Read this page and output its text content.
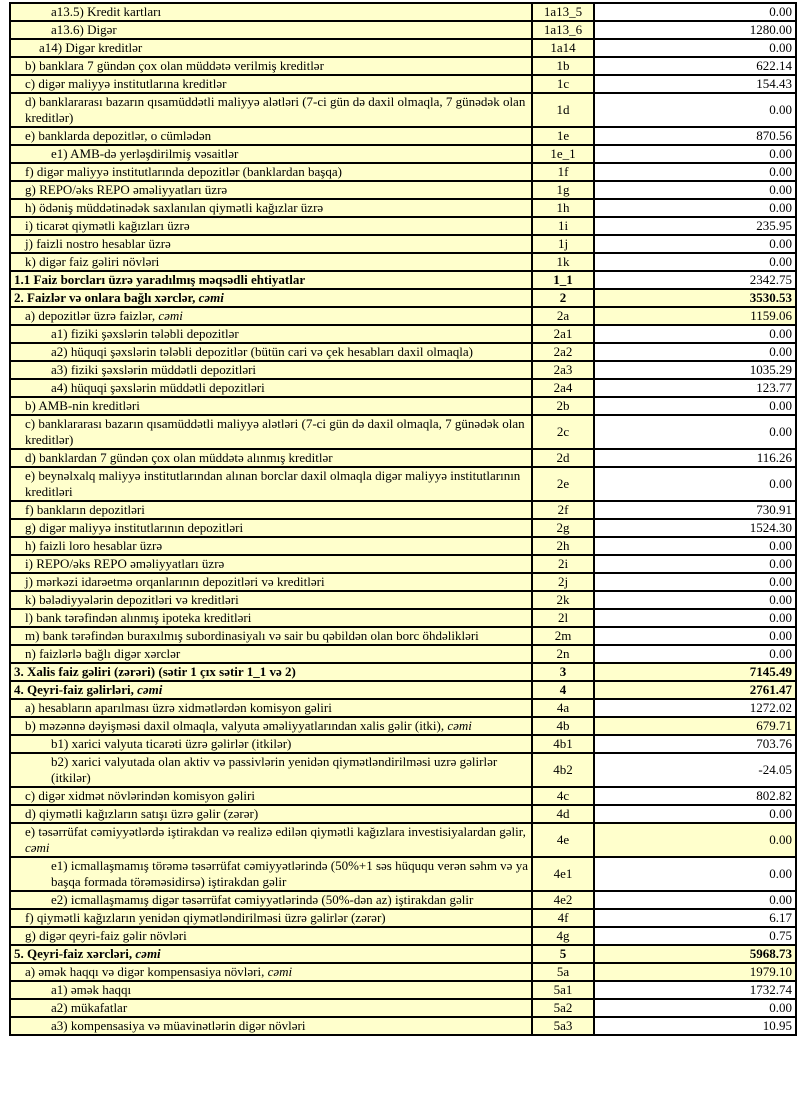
a13.5) Kredit kartları	1a13_5	0.00
a13.6) Digər	1a13_6	1280.00
a14) Digər kreditlər	1a14	0.00
b) banklara 7 gündən çox olan müddətə verilmiş kreditlər	1b	622.14
c) digər maliyyə institutlarına kreditlər	1c	154.43
d) banklararası bazarın qısamüddətli maliyyə alətləri (7-ci gün də daxil olmaqla, 7 günədək olan kreditlər)	1d	0.00
e) banklarda depozitlər, o cümlədən	1e	870.56
e1) AMB-də yerləşdirilmiş vəsaitlər	1e_1	0.00
f) digər maliyyə institutlarında depozitlər (banklardan başqa)	1f	0.00
g) REPO/əks REPO əməliyyatları üzrə	1g	0.00
h) ödəniş müddətinədək saxlanılan qiymətli kağızlar üzrə	1h	0.00
i) ticarət qiymətli kağızları üzrə	1i	235.95
j) faizli nostro hesablar üzrə	1j	0.00
k) digər faiz gəliri növləri	1k	0.00
1.1 Faiz borcları üzrə yaradılmış məqsədli ehtiyatlar	1_1	2342.75
2. Faizlər və onlara bağlı xərclər, cəmi	2	3530.53
a) depozitlər üzrə faizlər, cəmi	2a	1159.06
a1) fiziki şəxslərin tələbli depozitlər	2a1	0.00
a2) hüquqi şəxslərin tələbli depozitlər (bütün cari və çek hesabları daxil olmaqla)	2a2	0.00
a3) fiziki şəxslərin müddətli depozitləri	2a3	1035.29
a4) hüquqi şəxslərin müddətli depozitləri	2a4	123.77
b) AMB-nin kreditləri	2b	0.00
c) banklararası bazarın qısamüddətli maliyyə alətləri (7-ci gün də daxil olmaqla, 7 günədək olan kreditlər)	2c	0.00
d) banklardan 7 gündən çox olan müddətə alınmış kreditlər	2d	116.26
e) beynəlxalq maliyyə institutlarından alınan borclar daxil olmaqla digər maliyyə institutlarının kreditləri	2e	0.00
f) bankların depozitləri	2f	730.91
g) digər maliyyə institutlarının depozitləri	2g	1524.30
h) faizli loro hesablar üzrə	2h	0.00
i) REPO/əks REPO əməliyyatları üzrə	2i	0.00
j) mərkəzi idarəetmə orqanlarının depozitləri və kreditləri	2j	0.00
k) bələdiyyələrin depozitləri və kreditləri	2k	0.00
l) bank tərəfindən alınmış ipoteka kreditləri	2l	0.00
m) bank tərəfindən buraxılmış subordinasiyalı və sair bu qəbildən olan borc öhdəlikləri	2m	0.00
n) faizlərlə bağlı digər xərclər	2n	0.00
3. Xalis faiz gəliri (zərəri) (sətir 1 çıx sətir 1_1 və 2)	3	7145.49
4. Qeyri-faiz gəlirləri, cəmi	4	2761.47
a) hesabların aparılması üzrə xidmətlərdən komisyon gəliri	4a	1272.02
b) məzənnə dəyişməsi daxil olmaqla, valyuta əməliyyatlarından xalis gəlir (itki), cəmi	4b	679.71
b1) xarici valyuta ticarəti üzrə gəlirlər (itkilər)	4b1	703.76
b2) xarici valyutada olan aktiv və passivlərin yenidən qiymətləndirilməsi uzrə gəlirlər (itkilər)	4b2	-24.05
c) digər xidmət növlərindən komisyon gəliri	4c	802.82
d) qiymətli kağızların satışı üzrə gəlir (zərər)	4d	0.00
e) təsərrüfat cəmiyyətlərdə iştirakdan və realizə edilən qiymətli kağızlara investisiyalardan gəlir, cəmi	4e	0.00
e1) icmallaşmamış törəmə təsərrüfat cəmiyyətlərində (50%+1 səs hüququ verən səhm və ya başqa formada törəməsidirsə) iştirakdan gəlir	4e1	0.00
e2) icmallaşmamış digər təsərrüfat cəmiyyətlərində (50%-dən az) iştirakdan gəlir	4e2	0.00
f) qiymətli kağızların yenidən qiymətləndirilməsi üzrə gəlirlər (zərər)	4f	6.17
g) digər qeyri-faiz gəlir növləri	4g	0.75
5. Qeyri-faiz xərcləri, cəmi	5	5968.73
a) əmək haqqı və digər kompensasiya növləri, cəmi	5a	1979.10
a1) əmək haqqı	5a1	1732.74
a2) mükafatlar	5a2	0.00
a3) kompensasiya və müavinətlərin digər növləri	5a3	10.95
